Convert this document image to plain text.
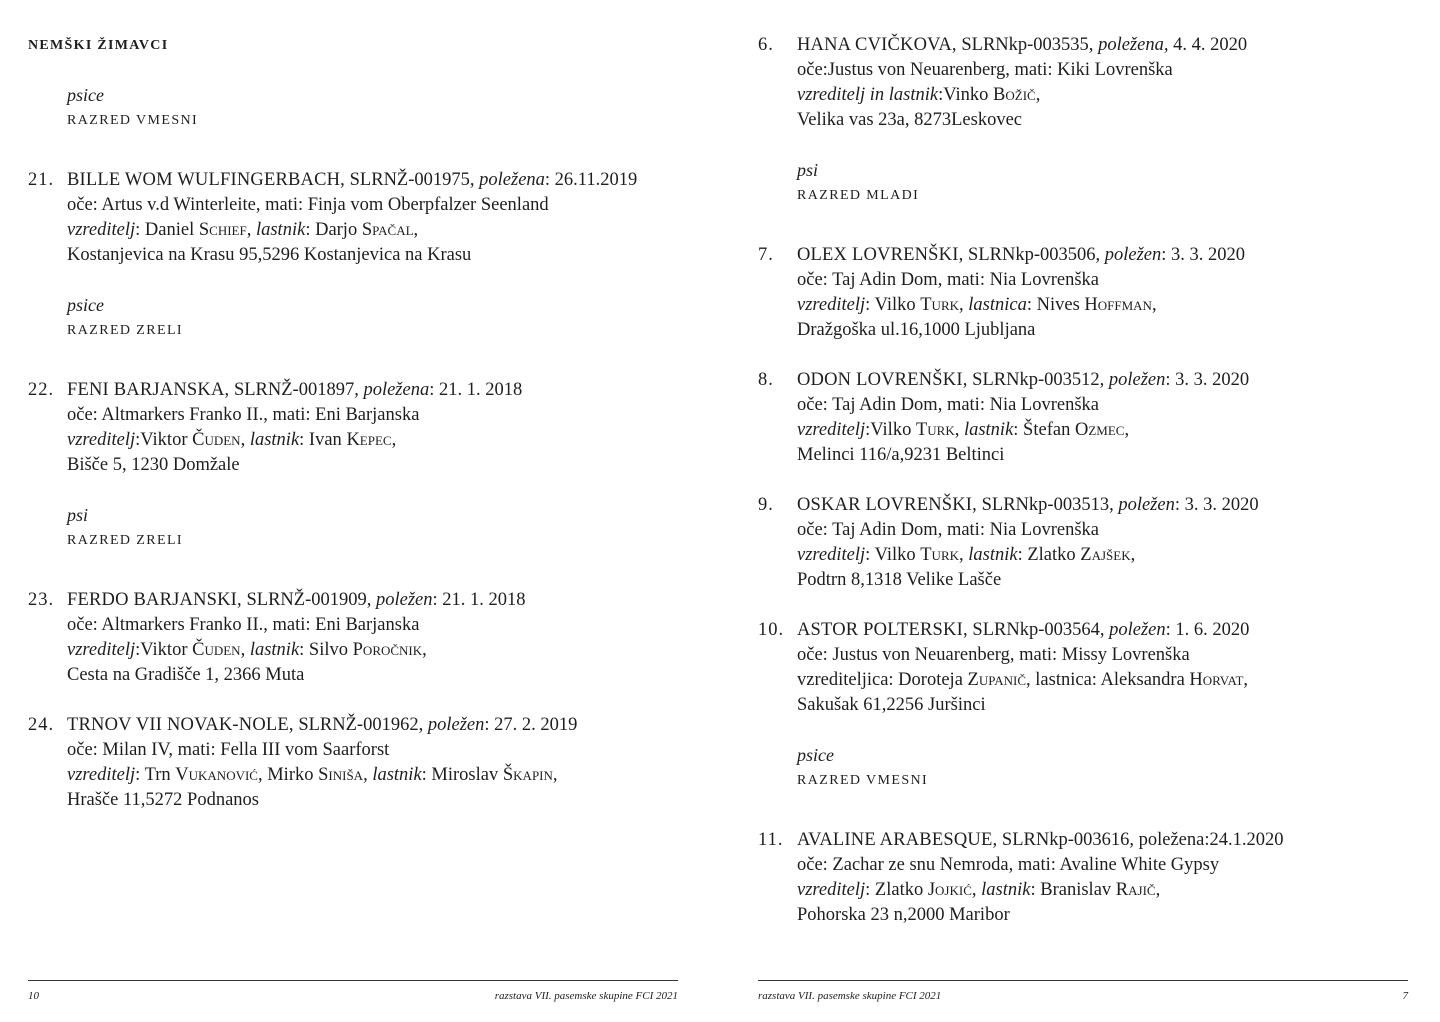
NEMŠKI ŽIMAVCI
psice
RAZRED VMESNI
21. BILLE WOM WULFINGERBACH, SLRNŽ-001975, poležena: 26.11.2019
oče: Artus v.d Winterleite, mati: Finja vom Oberpfalzer Seenland
vzreditelj: Daniel Schief, lastnik: Darjo Spačal,
Kostanjevica na Krasu 95,5296 Kostanjevica na Krasu
psice
RAZRED ZRELI
22. FENI BARJANSKA, SLRNŽ-001897, poležena: 21. 1. 2018
oče: Altmarkers Franko II., mati: Eni Barjanska
vzreditelj:Viktor Čuden, lastnik: Ivan Kepec,
Bišče 5, 1230 Domžale
psi
RAZRED ZRELI
23. FERDO BARJANSKI, SLRNŽ-001909, poležen: 21. 1. 2018
oče: Altmarkers Franko II., mati: Eni Barjanska
vzreditelj:Viktor Čuden, lastnik: Silvo Poročnik,
Cesta na Gradišče 1, 2366 Muta
24. TRNOV VII NOVAK-NOLE, SLRNŽ-001962, poležen: 27. 2. 2019
oče: Milan IV, mati: Fella III vom Saarforst
vzreditelj: Trn Vukanović, Mirko Siniša, lastnik: Miroslav Škapin,
Hrašče 11,5272 Podnanos
10	razstava VII. pasemske skupine FCI 2021
6. HANA CVIČKOVA, SLRNkp-003535, poležena, 4. 4. 2020
oče:Justus von Neuarenberg, mati: Kiki Lovrenška
vzreditelj in lastnik:Vinko Božič,
Velika vas 23a, 8273Leskovec
psi
RAZRED MLADI
7. OLEX LOVRENŠKI, SLRNkp-003506, poležen: 3. 3. 2020
oče: Taj Adin Dom, mati: Nia Lovrenška
vzreditelj: Vilko Turk, lastnica: Nives Hoffman,
Dražgoška ul.16,1000 Ljubljana
8. ODON LOVRENŠKI, SLRNkp-003512, poležen: 3. 3. 2020
oče: Taj Adin Dom, mati: Nia Lovrenška
vzreditelj:Vilko Turk, lastnik: Štefan Ozmec,
Melinci 116/a,9231 Beltinci
9. OSKAR LOVRENŠKI, SLRNkp-003513, poležen: 3. 3. 2020
oče: Taj Adin Dom, mati: Nia Lovrenška
vzreditelj: Vilko Turk, lastnik: Zlatko Zajšek,
Podtrn 8,1318 Velike Lašče
10. ASTOR POLTERSKI, SLRNkp-003564, poležen: 1. 6. 2020
oče: Justus von Neuarenberg, mati: Missy Lovrenška
vzrediteljica: Doroteja Zupanič, lastnica: Aleksandra Horvat,
Sakušak 61,2256 Juršinci
psice
RAZRED VMESNI
11. AVALINE ARABESQUE, SLRNkp-003616, poležena:24.1.2020
oče: Zachar ze snu Nemroda, mati: Avaline White Gypsy
vzreditelj: Zlatko Jojkić, lastnik: Branislav Rajič,
Pohorska 23 n,2000 Maribor
razstava VII. pasemske skupine FCI 2021	7
